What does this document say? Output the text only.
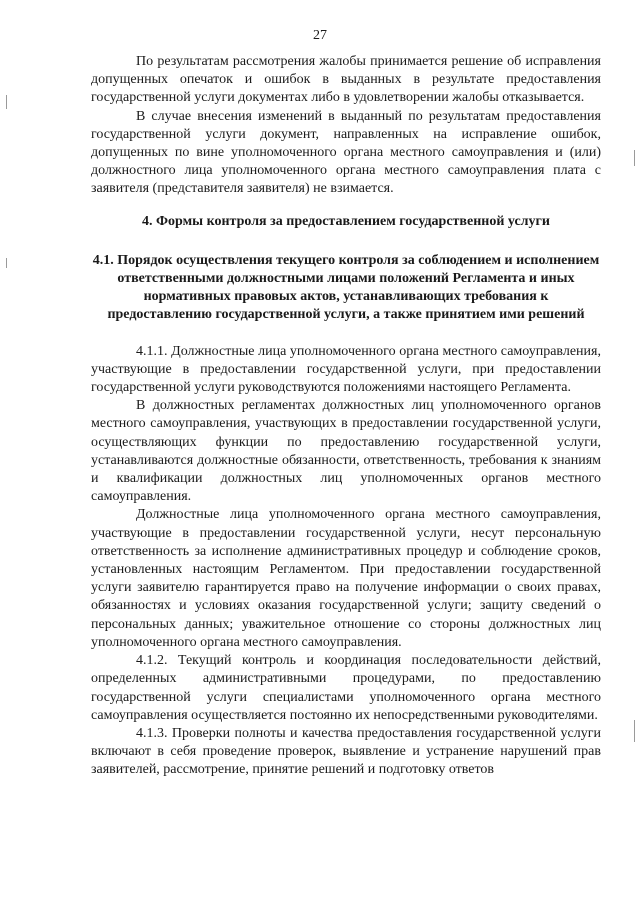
27

По результатам рассмотрения жалобы принимается решение об исправления допущенных опечаток и ошибок в выданных в результате предоставления государственной услуги документах либо в удовлетворении жалобы отказывается.

В случае внесения изменений в выданный по результатам предоставления государственной услуги документ, направленных на исправление ошибок, допущенных по вине уполномоченного органа местного самоуправления и (или) должностного лица уполномоченного органа местного самоуправления плата с заявителя (представителя заявителя) не взимается.

4. Формы контроля за предоставлением государственной услуги

4.1. Порядок осуществления текущего контроля за соблюдением и исполнением ответственными должностными лицами положений Регламента и иных нормативных правовых актов, устанавливающих требования к предоставлению государственной услуги, а также принятием ими решений

4.1.1. Должностные лица уполномоченного органа местного самоуправления, участвующие в предоставлении государственной услуги, при предоставлении государственной услуги руководствуются положениями настоящего Регламента.

В должностных регламентах должностных лиц уполномоченного органов местного самоуправления, участвующих в предоставлении государственной услуги, осуществляющих функции по предоставлению государственной услуги, устанавливаются должностные обязанности, ответственность, требования к знаниям и квалификации должностных лиц уполномоченных органов местного самоуправления.

Должностные лица уполномоченного органа местного самоуправления, участвующие в предоставлении государственной услуги, несут персональную ответственность за исполнение административных процедур и соблюдение сроков, установленных настоящим Регламентом. При предоставлении государственной услуги заявителю гарантируется право на получение информации о своих правах, обязанностях и условиях оказания государственной услуги; защиту сведений о персональных данных; уважительное отношение со стороны должностных лиц уполномоченного органа местного самоуправления.

4.1.2. Текущий контроль и координация последовательности действий, определенных административными процедурами, по предоставлению государственной услуги специалистами уполномоченного органа местного самоуправления осуществляется постоянно их непосредственными руководителями.

4.1.3. Проверки полноты и качества предоставления государственной услуги включают в себя проведение проверок, выявление и устранение нарушений прав заявителей, рассмотрение, принятие решений и подготовку ответов
